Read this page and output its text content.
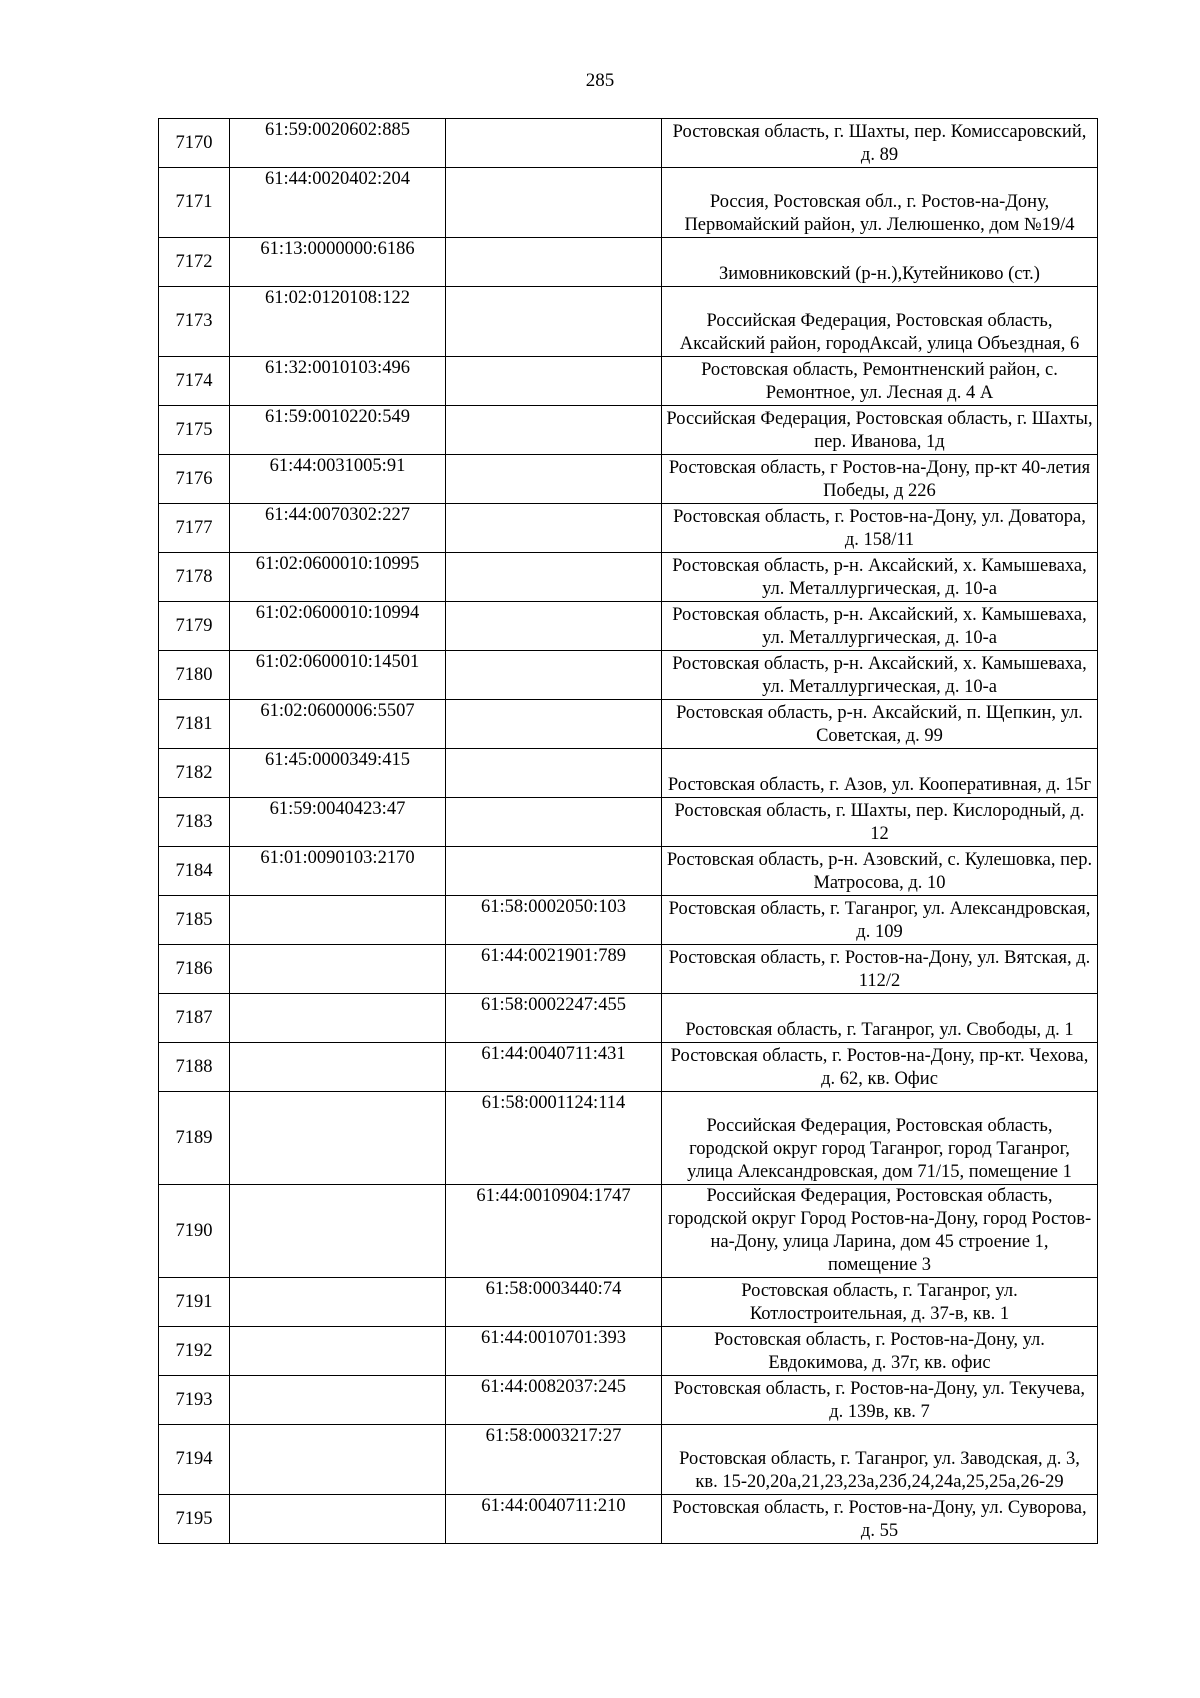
285
7170	61:59:0020602:885		Ростовская область, г. Шахты, пер. Комиссаровский, д. 89
7171	61:44:0020402:204		Россия, Ростовская обл., г. Ростов-на-Дону, Первомайский район, ул. Лелюшенко, дом №19/4
7172	61:13:0000000:6186		Зимовниковский (р-н.),Кутейниково (ст.)
7173	61:02:0120108:122		Российская Федерация, Ростовская область, Аксайский район, городАксай, улица Объездная, 6
7174	61:32:0010103:496		Ростовская область, Ремонтненский район, с. Ремонтное, ул. Лесная д. 4 А
7175	61:59:0010220:549		Российская Федерация, Ростовская область, г. Шахты, пер. Иванова, 1д
7176	61:44:0031005:91		Ростовская область, г Ростов-на-Дону, пр-кт 40-летия Победы, д 226
7177	61:44:0070302:227		Ростовская область, г. Ростов-на-Дону, ул. Доватора, д. 158/11
7178	61:02:0600010:10995		Ростовская область, р-н. Аксайский, х. Камышеваха, ул. Металлургическая, д. 10-а
7179	61:02:0600010:10994		Ростовская область, р-н. Аксайский, х. Камышеваха, ул. Металлургическая, д. 10-а
7180	61:02:0600010:14501		Ростовская область, р-н. Аксайский, х. Камышеваха, ул. Металлургическая, д. 10-а
7181	61:02:0600006:5507		Ростовская область, р-н. Аксайский, п. Щепкин, ул. Советская, д. 99
7182	61:45:0000349:415		Ростовская область, г. Азов, ул. Кооперативная, д. 15г
7183	61:59:0040423:47		Ростовская область, г. Шахты, пер. Кислородный, д. 12
7184	61:01:0090103:2170		Ростовская область, р-н. Азовский, с. Кулешовка, пер. Матросова, д. 10
7185		61:58:0002050:103	Ростовская область, г. Таганрог, ул. Александровская, д. 109
7186		61:44:0021901:789	Ростовская область, г. Ростов-на-Дону, ул. Вятская, д. 112/2
7187		61:58:0002247:455	Ростовская область, г. Таганрог, ул. Свободы, д. 1
7188		61:44:0040711:431	Ростовская область, г. Ростов-на-Дону, пр-кт. Чехова, д. 62, кв. Офис
7189		61:58:0001124:114	Российская Федерация, Ростовская область, городской округ город Таганрог, город Таганрог, улица Александровская, дом 71/15, помещение 1
7190		61:44:0010904:1747	Российская Федерация, Ростовская область, городской округ Город Ростов-на-Дону, город Ростов-на-Дону, улица Ларина, дом 45 строение 1, помещение 3
7191		61:58:0003440:74	Ростовская область, г. Таганрог, ул. Котлостроительная, д. 37-в, кв. 1
7192		61:44:0010701:393	Ростовская область, г. Ростов-на-Дону, ул. Евдокимова, д. 37г, кв. офис
7193		61:44:0082037:245	Ростовская область, г. Ростов-на-Дону, ул. Текучева, д. 139в, кв. 7
7194		61:58:0003217:27	Ростовская область, г. Таганрог, ул. Заводская, д. 3, кв. 15-20,20а,21,23,23а,23б,24,24а,25,25а,26-29
7195		61:44:0040711:210	Ростовская область, г. Ростов-на-Дону, ул. Суворова, д. 55
